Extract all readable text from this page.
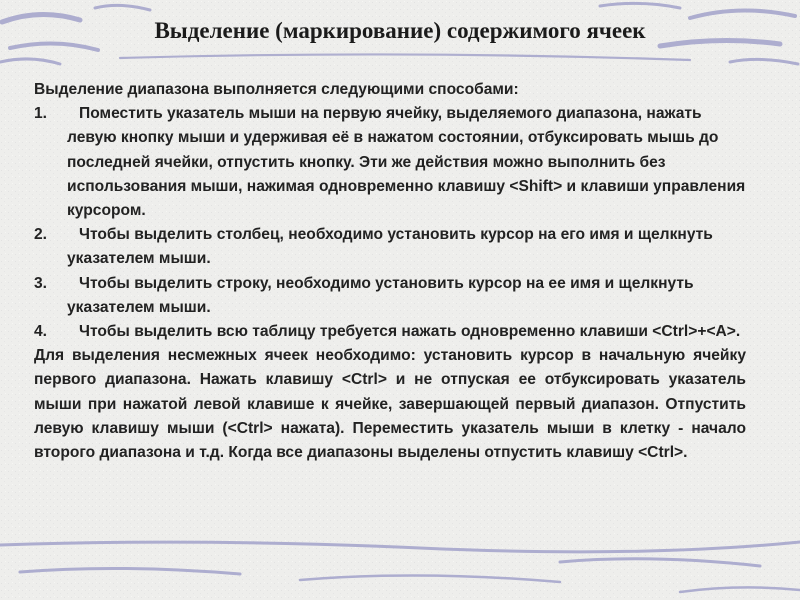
Выделение (маркирование) содержимого ячеек

Выделение диапазона выполняется следующими способами:

1.	Поместить указатель мыши на первую ячейку, выделяемого диапазона, нажать левую кнопку мыши и удерживая её в нажатом состоянии, отбуксировать мышь до последней ячейки, отпустить кнопку. Эти же действия можно выполнить без использования мыши, нажимая одновременно клавишу <Shift> и клавиши управления курсором.
2.	Чтобы выделить столбец, необходимо установить курсор на его имя и щелкнуть указателем мыши.
3.	Чтобы выделить строку, необходимо установить курсор на ее имя и щелкнуть указателем мыши.
4.	Чтобы выделить всю таблицу требуется нажать одновременно клавиши <Ctrl>+<A>.

Для выделения несмежных ячеек необходимо: установить курсор в начальную ячейку первого диапазона. Нажать клавишу <Ctrl> и не отпуская ее отбуксировать указатель мыши при нажатой левой клавише к ячейке, завершающей первый диапазон. Отпустить левую клавишу мыши (<Ctrl> нажата). Переместить указатель мыши в клетку - начало второго диапазона и т.д. Когда все диапазоны выделены отпустить клавишу <Ctrl>.
